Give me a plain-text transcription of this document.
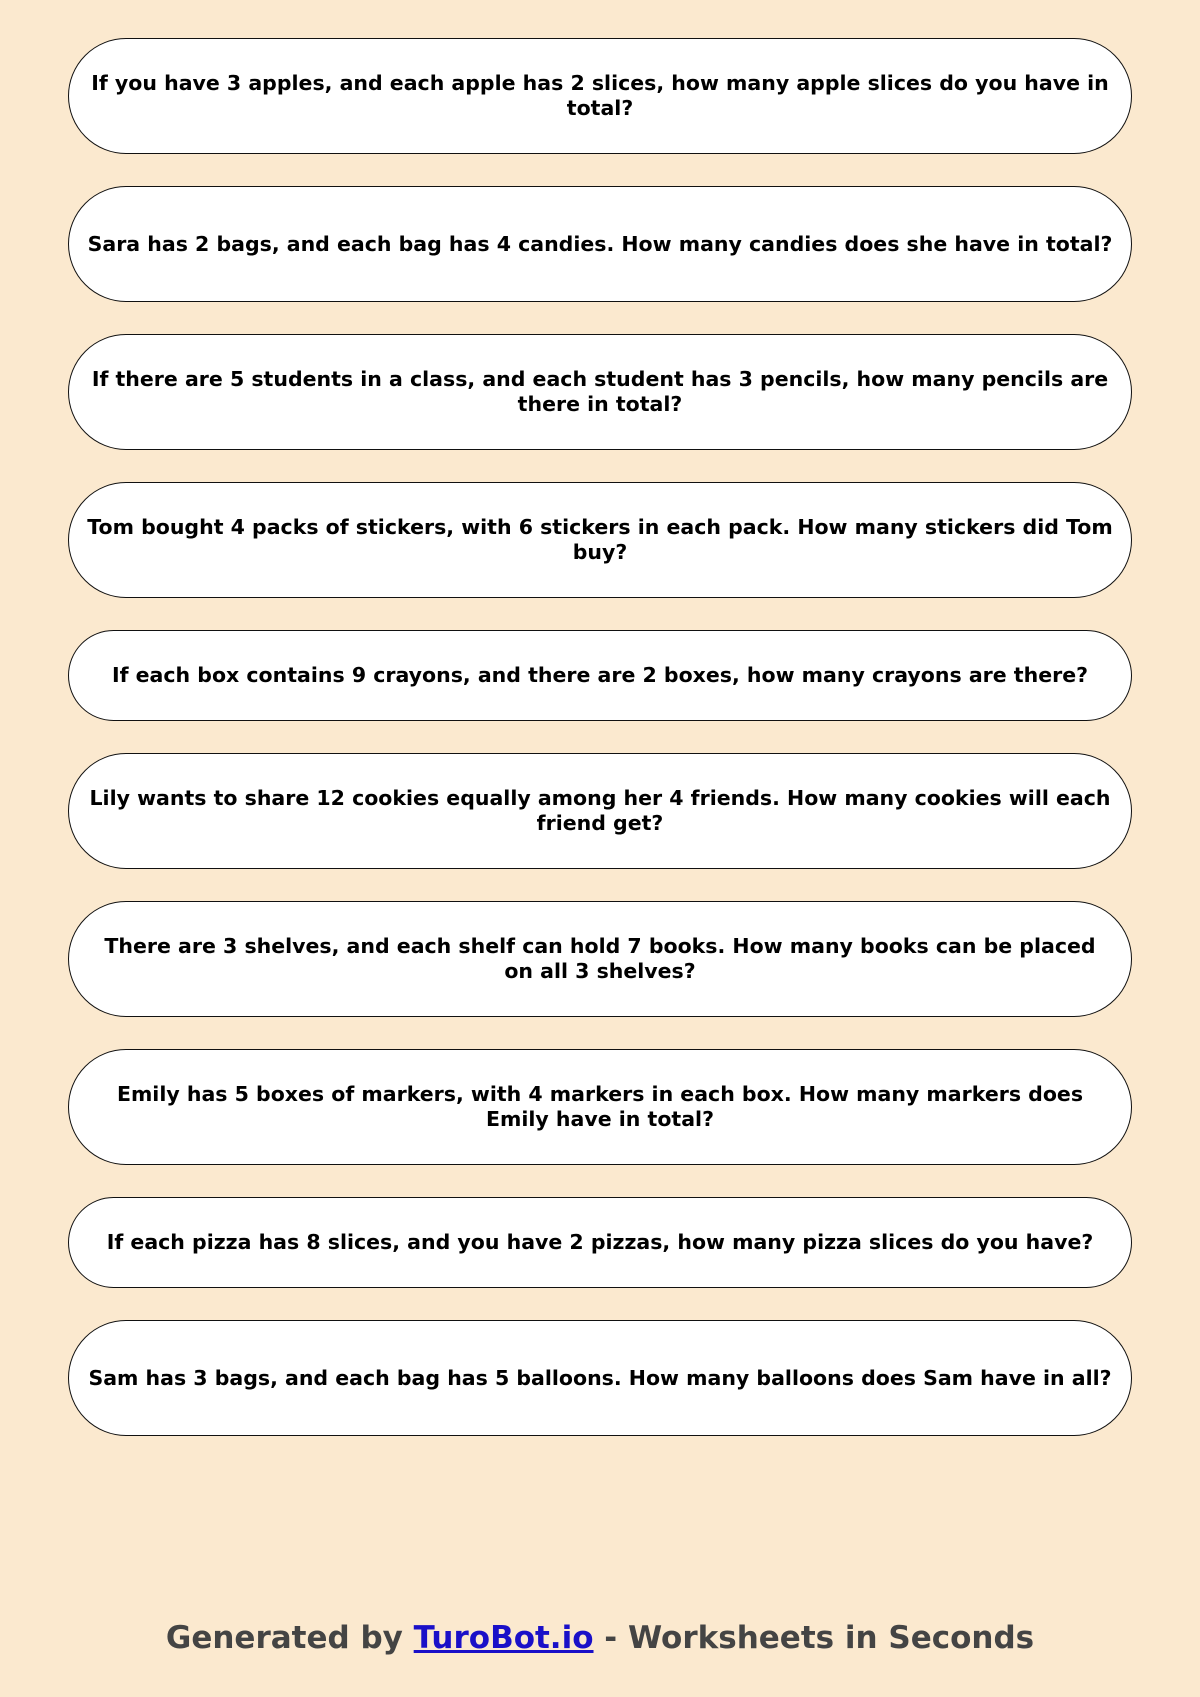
If you have 3 apples, and each apple has 2 slices, how many apple slices do you have in total?
Sara has 2 bags, and each bag has 4 candies. How many candies does she have in total?
If there are 5 students in a class, and each student has 3 pencils, how many pencils are there in total?
Tom bought 4 packs of stickers, with 6 stickers in each pack. How many stickers did Tom buy?
If each box contains 9 crayons, and there are 2 boxes, how many crayons are there?
Lily wants to share 12 cookies equally among her 4 friends. How many cookies will each friend get?
There are 3 shelves, and each shelf can hold 7 books. How many books can be placed on all 3 shelves?
Emily has 5 boxes of markers, with 4 markers in each box. How many markers does Emily have in total?
If each pizza has 8 slices, and you have 2 pizzas, how many pizza slices do you have?
Sam has 3 bags, and each bag has 5 balloons. How many balloons does Sam have in all?
Generated by TuroBot.io - Worksheets in Seconds
